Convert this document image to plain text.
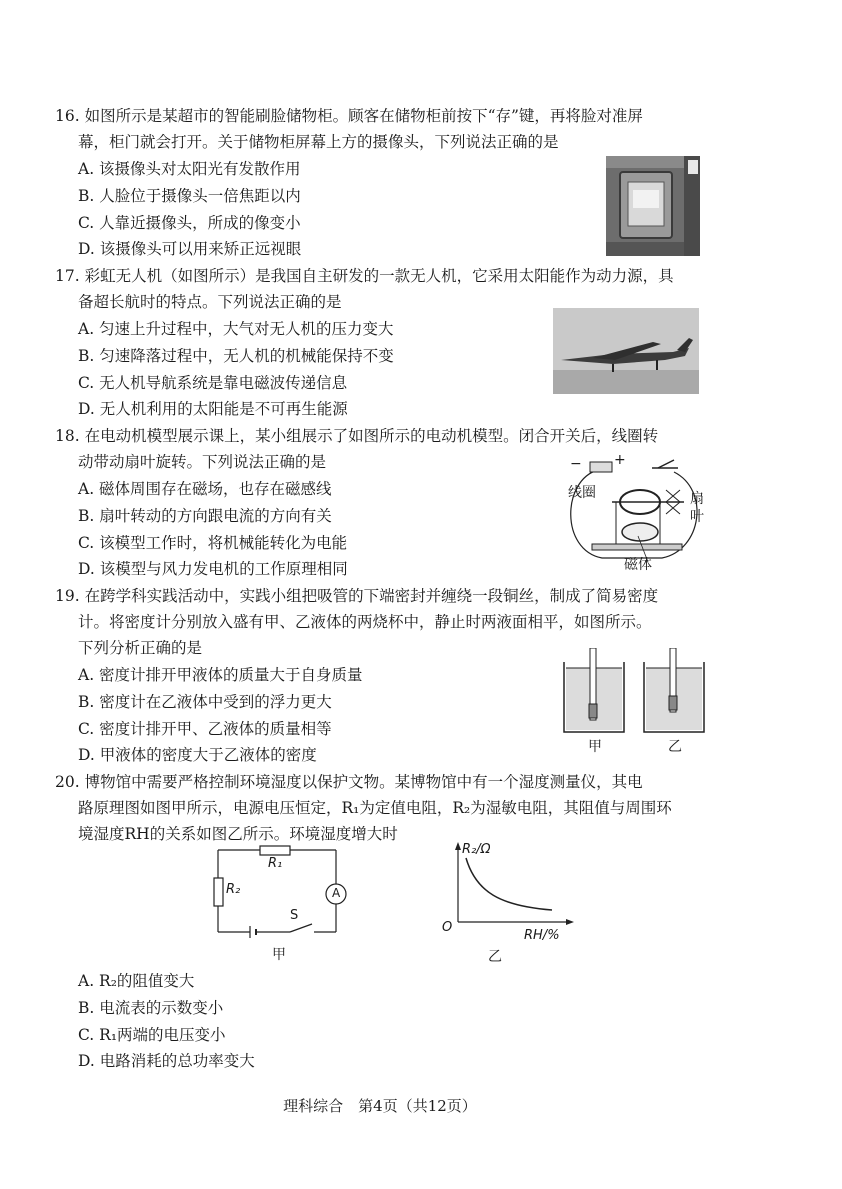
16. 如图所示是某超市的智能刷脸储物柜。顾客在储物柜前按下“存”键，再将脸对准屏
幕，柜门就会打开。关于储物柜屏幕上方的摄像头，下列说法正确的是
A. 该摄像头对太阳光有发散作用
B. 人脸位于摄像头一倍焦距以内
C. 人靠近摄像头，所成的像变小
D. 该摄像头可以用来矫正远视眼
17. 彩虹无人机（如图所示）是我国自主研发的一款无人机，它采用太阳能作为动力源，具
备超长航时的特点。下列说法正确的是
A. 匀速上升过程中，大气对无人机的压力变大
B. 匀速降落过程中，无人机的机械能保持不变
C. 无人机导航系统是靠电磁波传递信息
D. 无人机利用的太阳能是不可再生能源
18. 在电动机模型展示课上，某小组展示了如图所示的电动机模型。闭合开关后，线圈转
动带动扇叶旋转。下列说法正确的是
A. 磁体周围存在磁场，也存在磁感线
B. 扇叶转动的方向跟电流的方向有关
C. 该模型工作时，将机械能转化为电能
D. 该模型与风力发电机的工作原理相同
− +
线圈	扇
叶
磁体
19. 在跨学科实践活动中，实践小组把吸管的下端密封并缠绕一段铜丝，制成了简易密度
计。将密度计分别放入盛有甲、乙液体的两烧杯中，静止时两液面相平，如图所示。
下列分析正确的是
A. 密度计排开甲液体的质量大于自身质量
B. 密度计在乙液体中受到的浮力更大
C. 密度计排开甲、乙液体的质量相等
D. 甲液体的密度大于乙液体的密度	甲	乙
20. 博物馆中需要严格控制环境湿度以保护文物。某博物馆中有一个湿度测量仪，其电
路原理图如图甲所示，电源电压恒定，R₁为定值电阻，R₂为湿敏电阻，其阻值与周围环
境湿度RH的关系如图乙所示。环境湿度增大时
R₁
R₂	A
S
甲
R₂/Ω
O
RH/%
乙
A. R₂的阻值变大
B. 电流表的示数变小
C. R₁两端的电压变小
D. 电路消耗的总功率变大
理科综合　第4页（共12页）
